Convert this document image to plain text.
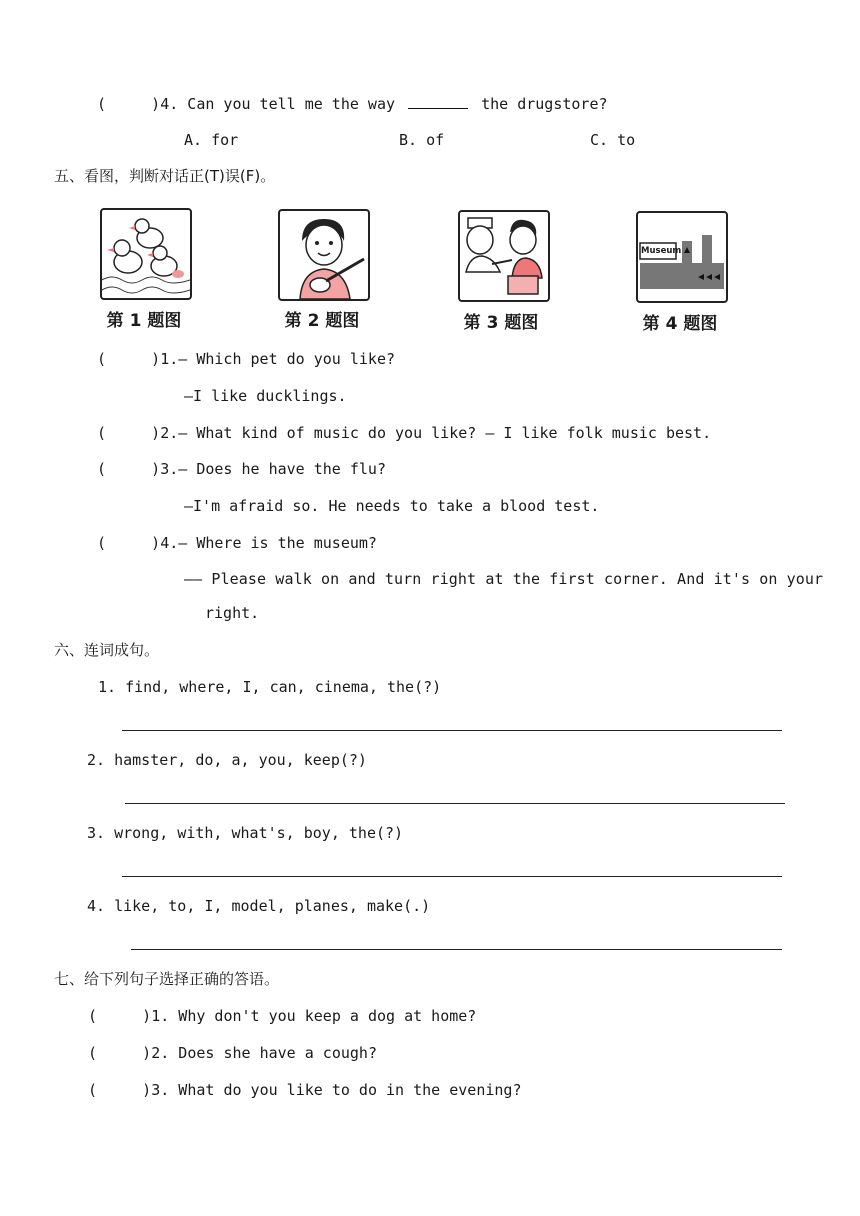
(     )4. Can you tell me the way	the drugstore?
A. for	B. of	C. to
五、看图，判断对话正(T)误(F)。
Museum
第 1 题图	第 2 题图	第 3 题图	第 4 题图
(     )1.— Which pet do you like?
—I like ducklings.
(     )2.— What kind of music do you like? — I like folk music best.
(     )3.— Does he have the flu?
—I'm afraid so. He needs to take a blood test.
(     )4.— Where is the museum?
—— Please walk on and turn right at the first corner. And it's on your
right.
六、连词成句。
1. find, where, I, can, cinema, the(?)
2. hamster, do, a, you, keep(?)
3. wrong, with, what's, boy, the(?)
4. like, to, I, model, planes, make(.)
七、给下列句子选择正确的答语。
(     )1. Why don't you keep a dog at home?
(     )2. Does she have a cough?
(     )3. What do you like to do in the evening?
